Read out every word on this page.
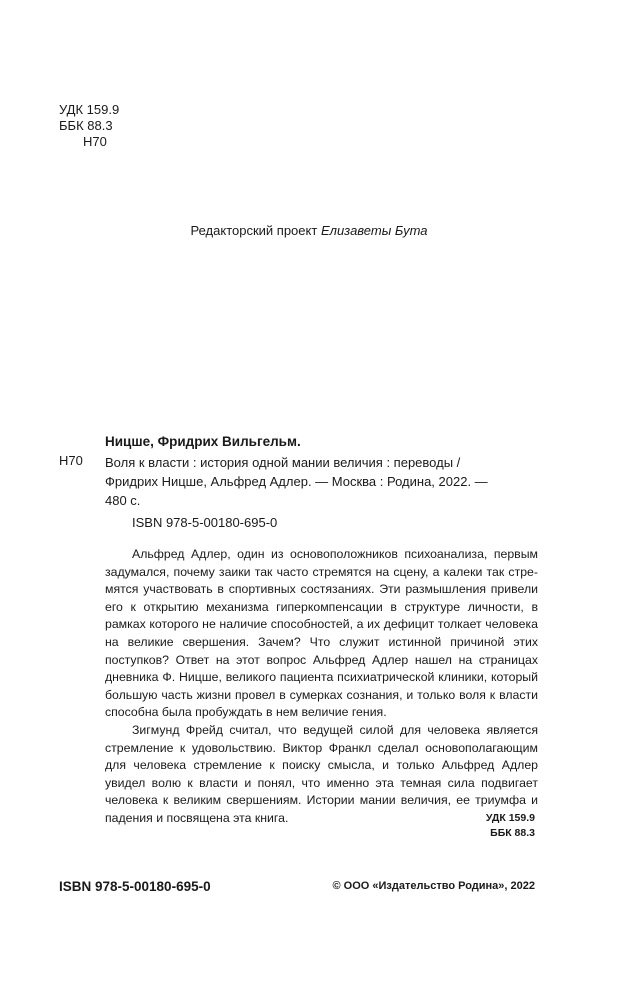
УДК 159.9
ББК 88.3
Н70
Редакторский проект Елизаветы Бута
Ницше, Фридрих Вильгельм.
Н70 Воля к власти : история одной мании величия : переводы /
Фридрих Ницше, Альфред Адлер. — Москва : Родина, 2022. —
480 с.
ISBN 978-5-00180-695-0

Альфред Адлер, один из основоположников психоанализа, первым задумался, почему заики так часто стремятся на сцену, а калеки так стремятся участвовать в спортивных состязаниях. Эти размышления привели его к открытию механизма гиперкомпенсации в структуре личности, в рамках которого не наличие способностей, а их дефицит толкает человека на великие свершения. Зачем? Что служит истинной причиной этих поступков? Ответ на этот вопрос Альфред Адлер нашел на страницах дневника Ф. Ницше, великого пациента психиатрической клиники, который большую часть жизни провел в сумерках сознания, и только воля к власти способна была пробуждать в нем величие гения.

Зигмунд Фрейд считал, что ведущей силой для человека является стремление к удовольствию. Виктор Франкл сделал основополагающим для человека стремление к поиску смысла, и только Альфред Адлер увидел волю к власти и понял, что именно эта темная сила подвигает человека к великим свершениям. Истории мании величия, ее триумфа и падения и посвящена эта книга.	УДК 159.9
ББК 88.3
ISBN 978-5-00180-695-0	© ООО «Издательство Родина», 2022
